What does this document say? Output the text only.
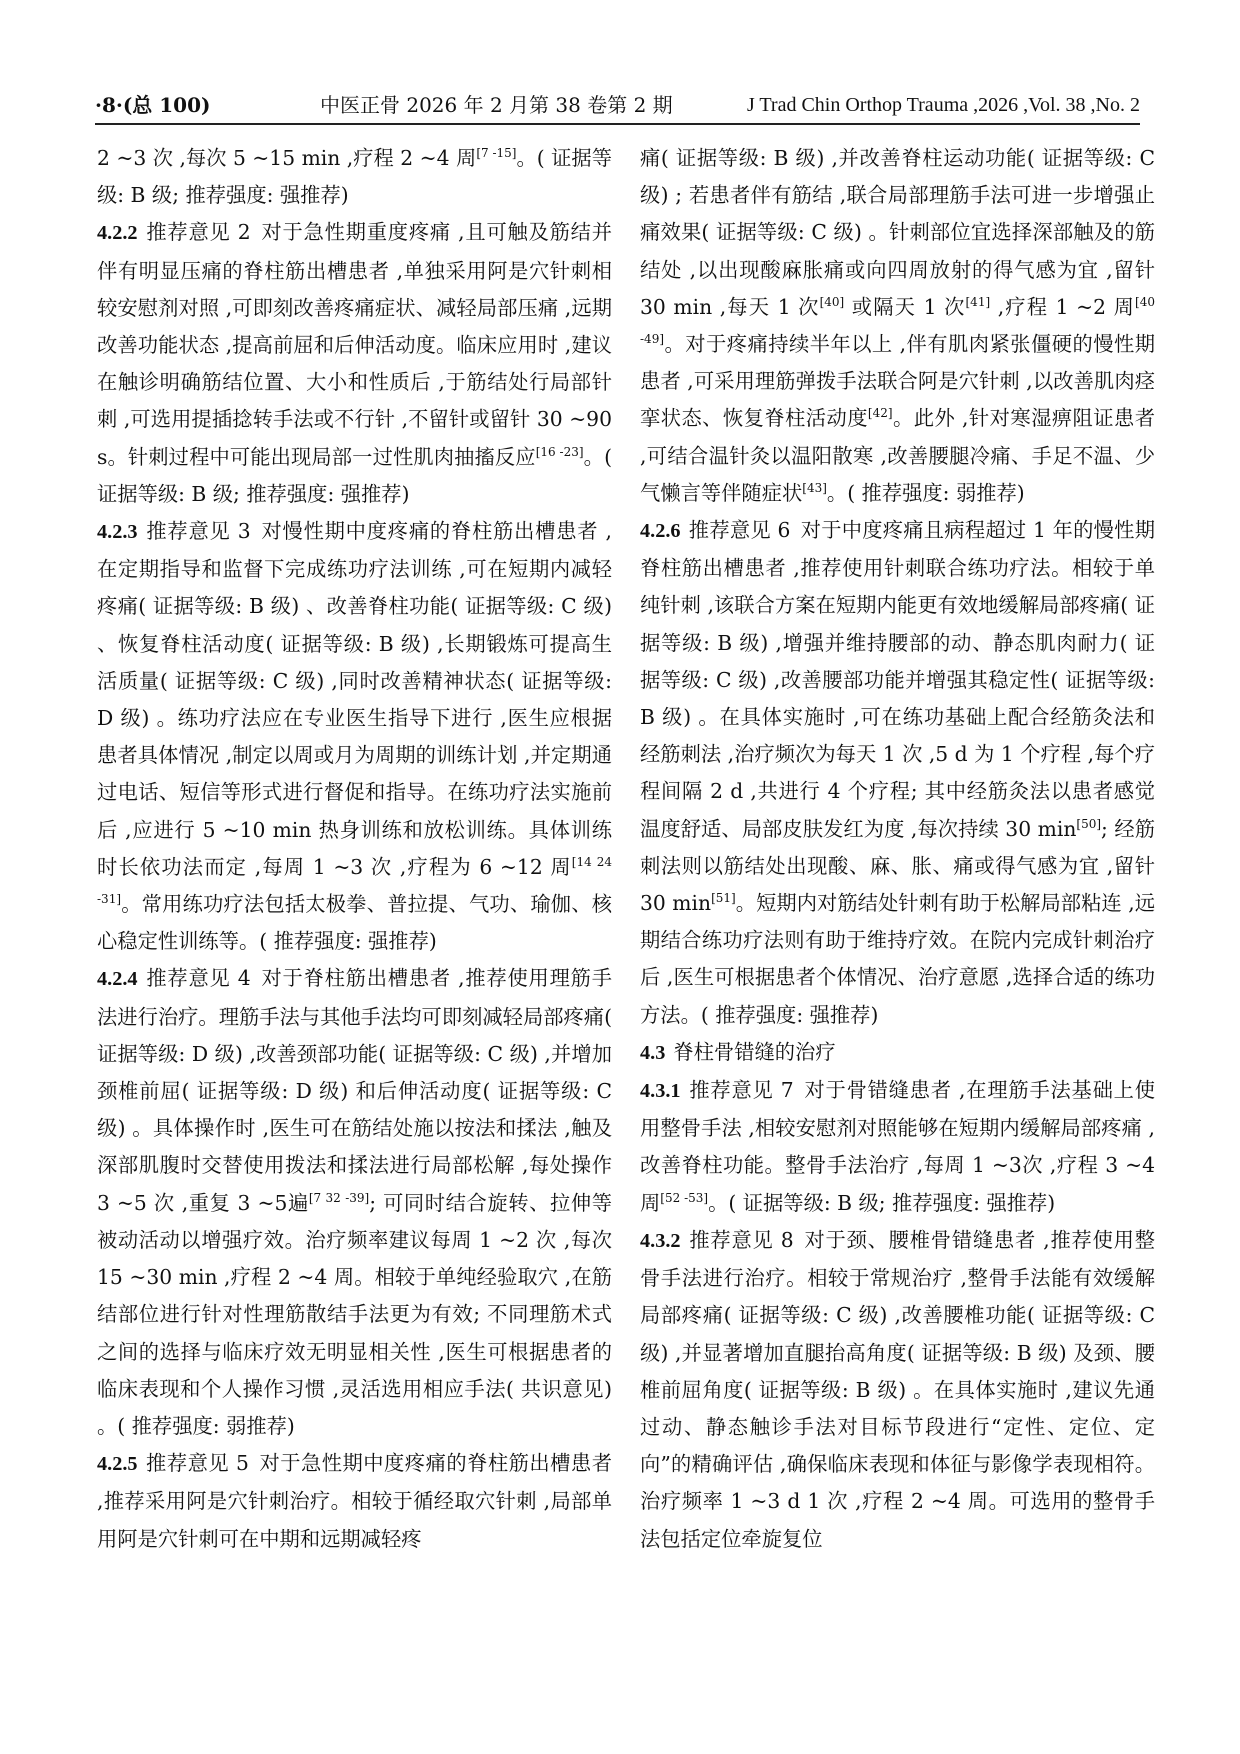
·8·(总 100)	中医正骨 2026 年 2 月第 38 卷第 2 期	J Trad Chin Orthop Trauma ,2026 ,Vol. 38 ,No. 2

2 ~3 次 ,每次 5 ~15 min ,疗程 2 ~4 周[7 -15]。( 证据等级: B 级; 推荐强度: 强推荐)

4.2.2 推荐意见 2 对于急性期重度疼痛 ,且可触及筋结并伴有明显压痛的脊柱筋出槽患者 ,单独采用阿是穴针刺相较安慰剂对照 ,可即刻改善疼痛症状、减轻局部压痛 ,远期改善功能状态 ,提高前屈和后伸活动度。临床应用时 ,建议在触诊明确筋结位置、大小和性质后 ,于筋结处行局部针刺 ,可选用提插捻转手法或不行针 ,不留针或留针 30 ~90 s。针刺过程中可能出现局部一过性肌肉抽搐反应[16 -23]。( 证据等级: B 级; 推荐强度: 强推荐)

4.2.3 推荐意见 3 对慢性期中度疼痛的脊柱筋出槽患者 ,在定期指导和监督下完成练功疗法训练 ,可在短期内减轻疼痛( 证据等级: B 级) 、改善脊柱功能( 证据等级: C 级) 、恢复脊柱活动度( 证据等级: B 级) ,长期锻炼可提高生活质量( 证据等级: C 级) ,同时改善精神状态( 证据等级: D 级) 。练功疗法应在专业医生指导下进行 ,医生应根据患者具体情况 ,制定以周或月为周期的训练计划 ,并定期通过电话、短信等形式进行督促和指导。在练功疗法实施前后 ,应进行 5 ~10 min 热身训练和放松训练。具体训练时长依功法而定 ,每周 1 ~3 次 ,疗程为 6 ~12 周[14 24 -31]。常用练功疗法包括太极拳、普拉提、气功、瑜伽、核心稳定性训练等。( 推荐强度: 强推荐)

4.2.4 推荐意见 4 对于脊柱筋出槽患者 ,推荐使用理筋手法进行治疗。理筋手法与其他手法均可即刻减轻局部疼痛( 证据等级: D 级) ,改善颈部功能( 证据等级: C 级) ,并增加颈椎前屈( 证据等级: D 级) 和后伸活动度( 证据等级: C 级) 。具体操作时 ,医生可在筋结处施以按法和揉法 ,触及深部肌腹时交替使用拨法和揉法进行局部松解 ,每处操作 3 ~5 次 ,重复 3 ~5遍[7 32 -39]; 可同时结合旋转、拉伸等被动活动以增强疗效。治疗频率建议每周 1 ~2 次 ,每次 15 ~30 min ,疗程 2 ~4 周。相较于单纯经验取穴 ,在筋结部位进行针对性理筋散结手法更为有效; 不同理筋术式之间的选择与临床疗效无明显相关性 ,医生可根据患者的临床表现和个人操作习惯 ,灵活选用相应手法( 共识意见) 。( 推荐强度: 弱推荐)

4.2.5 推荐意见 5 对于急性期中度疼痛的脊柱筋出槽患者 ,推荐采用阿是穴针刺治疗。相较于循经取穴针刺 ,局部单用阿是穴针刺可在中期和远期减轻疼

痛( 证据等级: B 级) ,并改善脊柱运动功能( 证据等级: C 级) ; 若患者伴有筋结 ,联合局部理筋手法可进一步增强止痛效果( 证据等级: C 级) 。针刺部位宜选择深部触及的筋结处 ,以出现酸麻胀痛或向四周放射的得气感为宜 ,留针 30 min ,每天 1 次[40] 或隔天 1 次[41] ,疗程 1 ~2 周[40 -49]。对于疼痛持续半年以上 ,伴有肌肉紧张僵硬的慢性期患者 ,可采用理筋弹拨手法联合阿是穴针刺 ,以改善肌肉痉挛状态、恢复脊柱活动度[42]。此外 ,针对寒湿痹阻证患者 ,可结合温针灸以温阳散寒 ,改善腰腿冷痛、手足不温、少气懒言等伴随症状[43]。( 推荐强度: 弱推荐)

4.2.6 推荐意见 6 对于中度疼痛且病程超过 1 年的慢性期脊柱筋出槽患者 ,推荐使用针刺联合练功疗法。相较于单纯针刺 ,该联合方案在短期内能更有效地缓解局部疼痛( 证据等级: B 级) ,增强并维持腰部的动、静态肌肉耐力( 证据等级: C 级) ,改善腰部功能并增强其稳定性( 证据等级: B 级) 。在具体实施时 ,可在练功基础上配合经筋灸法和经筋刺法 ,治疗频次为每天 1 次 ,5 d 为 1 个疗程 ,每个疗程间隔 2 d ,共进行 4 个疗程; 其中经筋灸法以患者感觉温度舒适、局部皮肤发红为度 ,每次持续 30 min[50]; 经筋刺法则以筋结处出现酸、麻、胀、痛或得气感为宜 ,留针 30 min[51]。短期内对筋结处针刺有助于松解局部粘连 ,远期结合练功疗法则有助于维持疗效。在院内完成针刺治疗后 ,医生可根据患者个体情况、治疗意愿 ,选择合适的练功方法。( 推荐强度: 强推荐)

4.3 脊柱骨错缝的治疗

4.3.1 推荐意见 7 对于骨错缝患者 ,在理筋手法基础上使用整骨手法 ,相较安慰剂对照能够在短期内缓解局部疼痛 ,改善脊柱功能。整骨手法治疗 ,每周 1 ~3次 ,疗程 3 ~4 周[52 -53]。( 证据等级: B 级; 推荐强度: 强推荐)

4.3.2 推荐意见 8 对于颈、腰椎骨错缝患者 ,推荐使用整骨手法进行治疗。相较于常规治疗 ,整骨手法能有效缓解局部疼痛( 证据等级: C 级) ,改善腰椎功能( 证据等级: C 级) ,并显著增加直腿抬高角度( 证据等级: B 级) 及颈、腰椎前屈角度( 证据等级: B 级) 。在具体实施时 ,建议先通过动、静态触诊手法对目标节段进行“定性、定位、定向”的精确评估 ,确保临床表现和体征与影像学表现相符。治疗频率 1 ~3 d 1 次 ,疗程 2 ~4 周。可选用的整骨手法包括定位牵旋复位
